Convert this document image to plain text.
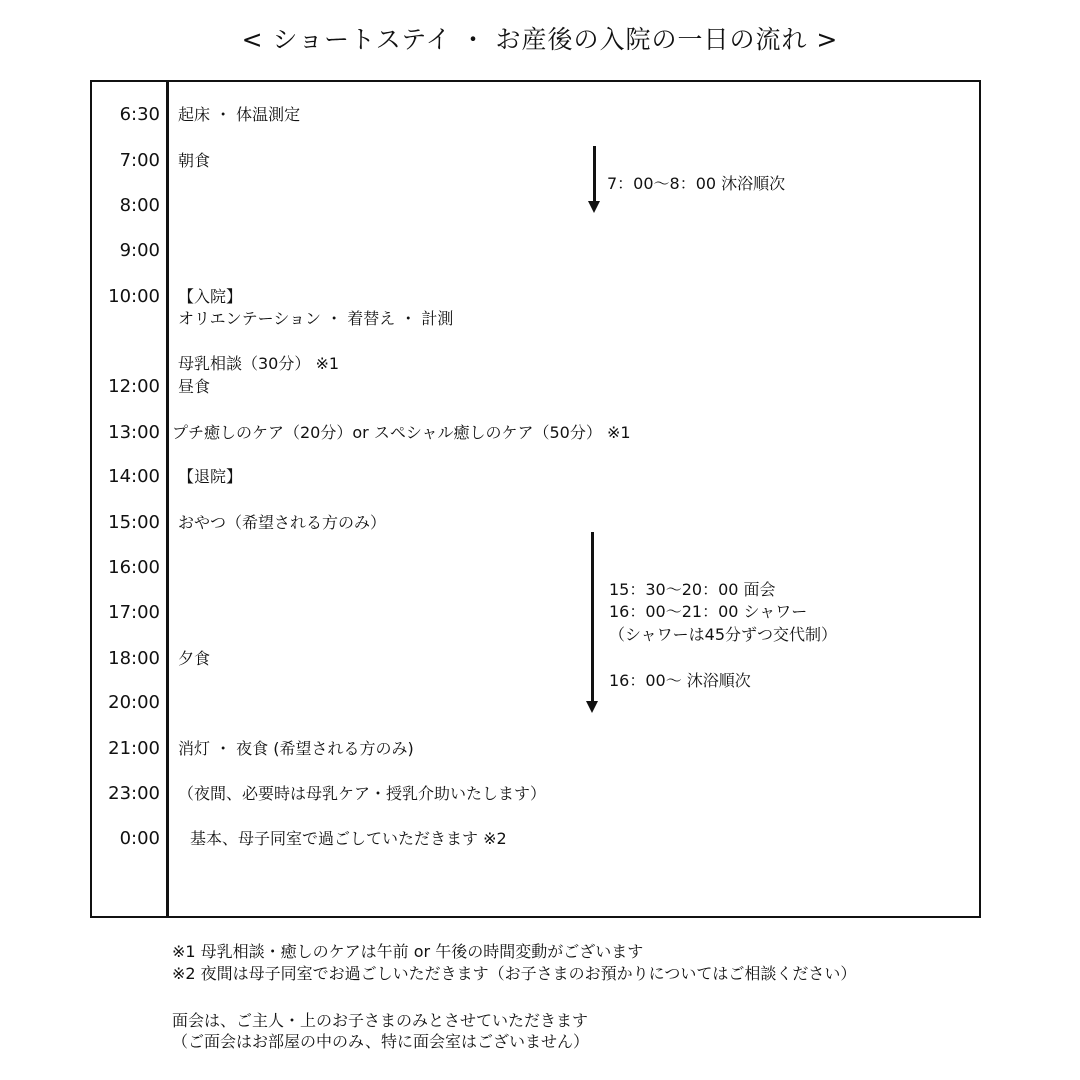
< ショートステイ ・ お産後の入院の一日の流れ >
6:30
7:00
8:00
9:00
10:00
12:00
13:00
14:00
15:00
16:00
17:00
18:00
20:00
21:00
23:00
0:00
起床 ・ 体温測定
朝食
【入院】
オリエンテーション ・ 着替え ・ 計測
母乳相談（30分） ※1
昼食
プチ癒しのケア（20分）or スペシャル癒しのケア（50分） ※1
【退院】
おやつ（希望される方のみ）
夕食
消灯 ・ 夜食 (希望される方のみ)
（夜間、必要時は母乳ケア・授乳介助いたします）
基本、母子同室で過ごしていただきます ※2
7：00〜8：00 沐浴順次
15：30〜20：00 面会
16：00〜21：00 シャワー
（シャワーは45分ずつ交代制）
16：00〜 沐浴順次
※1 母乳相談・癒しのケアは午前 or 午後の時間変動がございます
※2 夜間は母子同室でお過ごしいただきます（お子さまのお預かりについてはご相談ください）
面会は、ご主人・上のお子さまのみとさせていただきます
（ご面会はお部屋の中のみ、特に面会室はございません）
